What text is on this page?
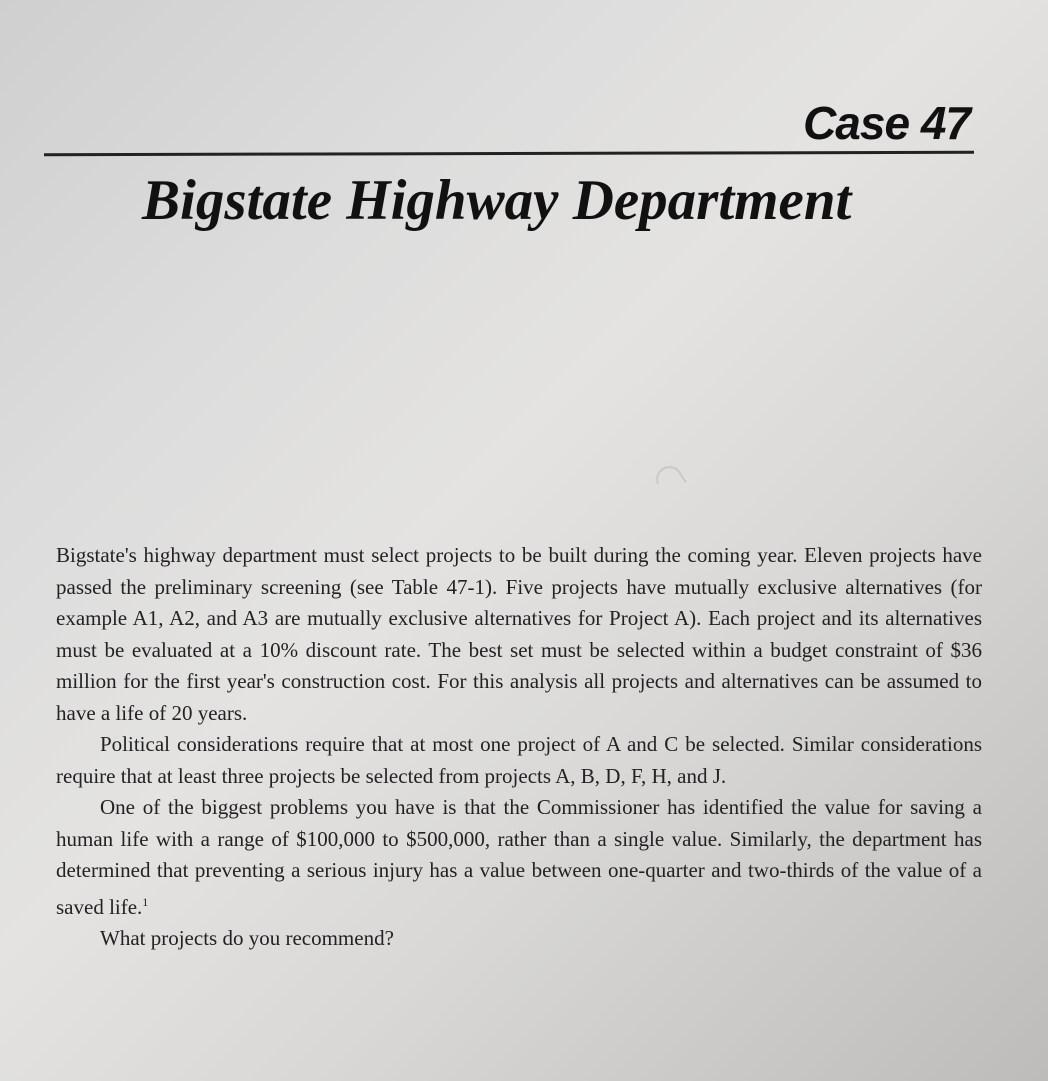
Case 47
Bigstate Highway Department

Bigstate's highway department must select projects to be built during the coming year. Eleven projects have passed the preliminary screening (see Table 47-1). Five projects have mutually exclusive alternatives (for example A1, A2, and A3 are mutually exclusive alternatives for Project A). Each project and its alternatives must be evaluated at a 10% discount rate. The best set must be selected within a budget constraint of $36 million for the first year's construction cost. For this analysis all projects and alternatives can be assumed to have a life of 20 years.

Political considerations require that at most one project of A and C be selected. Similar considerations require that at least three projects be selected from projects A, B, D, F, H, and J.

One of the biggest problems you have is that the Commissioner has identified the value for saving a human life with a range of $100,000 to $500,000, rather than a single value. Similarly, the department has determined that preventing a serious injury has a value between one-quarter and two-thirds of the value of a saved life.$^1$

What projects do you recommend?
